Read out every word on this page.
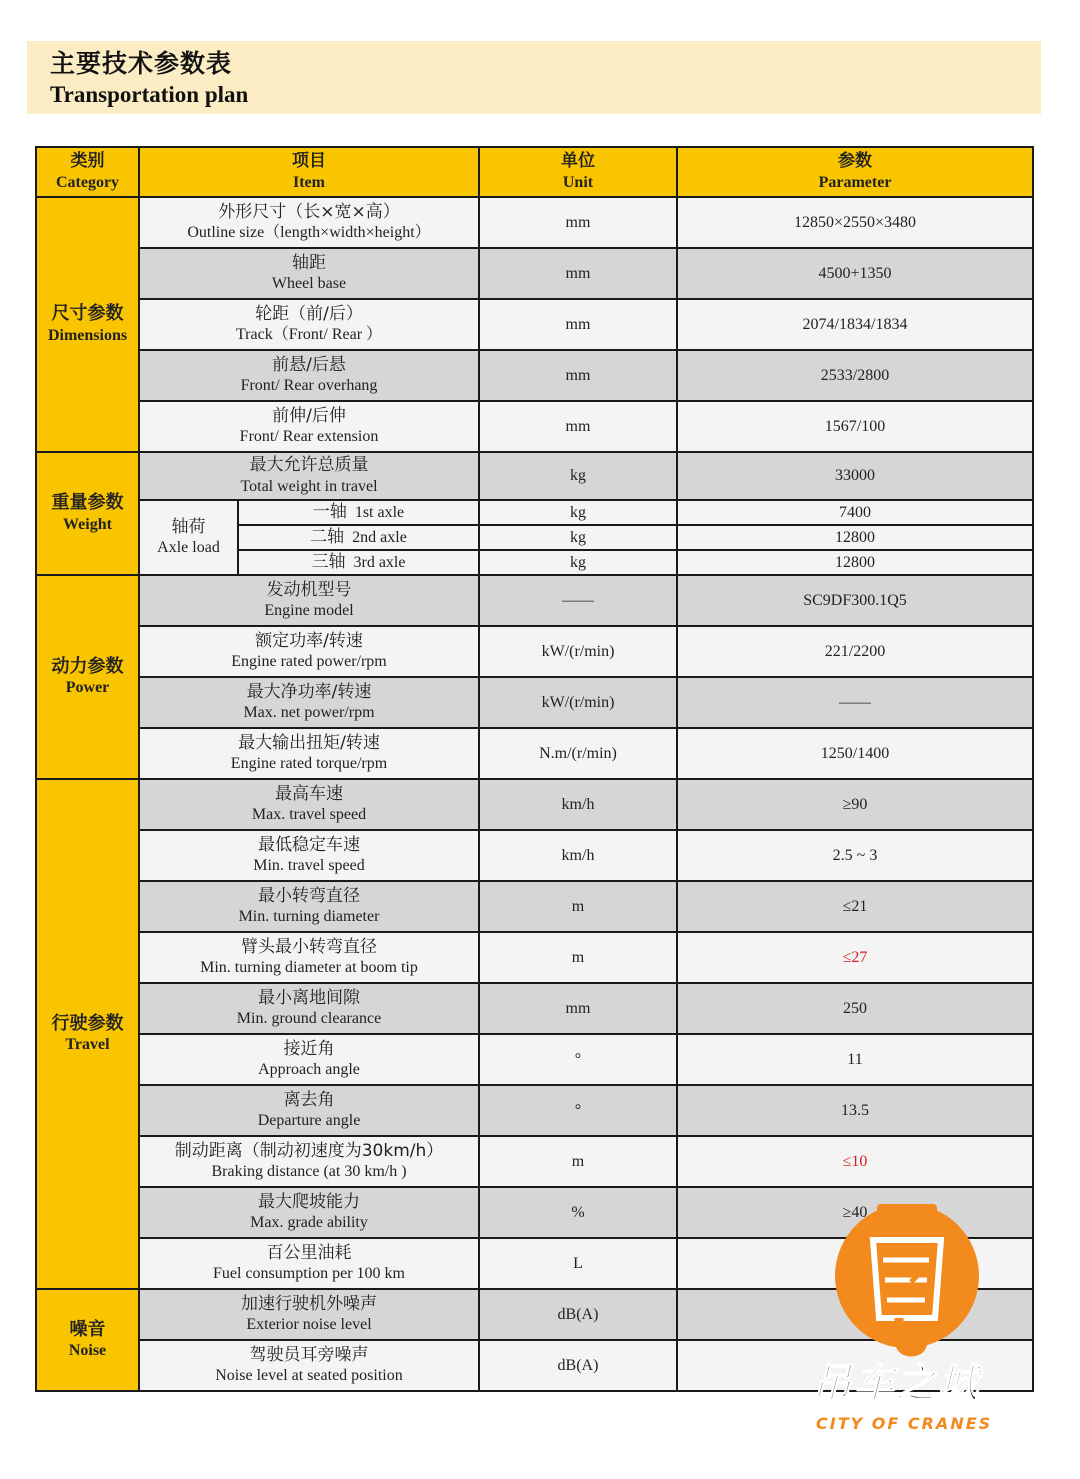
主要技术参数表
Transportation plan
类别
Category	项目
Item		单位
Unit	参数
Parameter

尺寸参数
Dimensions	外形尺寸（长×宽×高）
Outline size（length×width×height）		mm	12850×2550×3480

	轴距
Wheel base		mm	4500+1350

	轮距（前/后）
Track（Front/ Rear ）		mm	2074/1834/1834

	前悬/后悬
Front/ Rear overhang		mm	2533/2800

	前伸/后伸
Front/ Rear extension		mm	1567/100

重量参数
Weight	最大允许总质量
Total weight in travel		kg	33000

	轴荷
Axle load	一轴 1st axle	kg	7400
		二轴 2nd axle	kg	12800
		三轴 3rd axle	kg	12800

动力参数
Power	发动机型号
Engine model		——	SC9DF300.1Q5

	额定功率/转速
Engine rated power/rpm		kW/(r/min)	221/2200

	最大净功率/转速
Max. net power/rpm		kW/(r/min)	——

	最大输出扭矩/转速
Engine rated torque/rpm		N.m/(r/min)	1250/1400

行驶参数
Travel	最高车速
Max. travel speed		km/h	≥90

	最低稳定车速
Min. travel speed		km/h	2.5 ~ 3

	最小转弯直径
Min. turning diameter		m	≤21

	臂头最小转弯直径
Min. turning diameter at boom tip		m	≤27

	最小离地间隙
Min. ground clearance		mm	250

	接近角
Approach angle		°	11

	离去角
Departure angle		°	13.5

	制动距离（制动初速度为30km/h）
Braking distance (at 30 km/h )		m	≤10

	最大爬坡能力
Max. grade ability		%	≥40

	百公里油耗
Fuel consumption per 100 km		L	

噪音
Noise	加速行驶机外噪声
Exterior noise level		dB(A)	

	驾驶员耳旁噪声
Noise level at seated position		dB(A)		吊车之城
CITY OF CRANES
